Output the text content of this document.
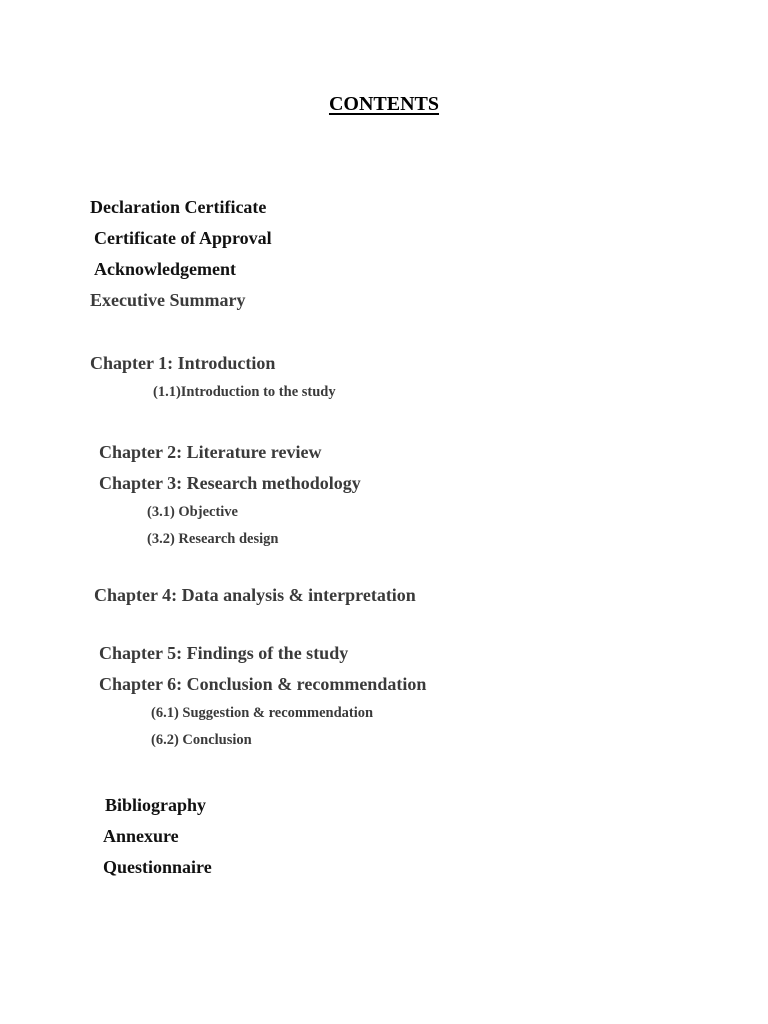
CONTENTS
Declaration Certificate
Certificate of Approval
Acknowledgement
Executive Summary
Chapter 1: Introduction
(1.1)Introduction to the study
Chapter 2: Literature review
Chapter 3: Research methodology
(3.1) Objective
(3.2) Research design
Chapter 4: Data analysis & interpretation
Chapter 5: Findings of the study
Chapter 6: Conclusion & recommendation
(6.1) Suggestion & recommendation
(6.2) Conclusion
Bibliography
Annexure
Questionnaire
